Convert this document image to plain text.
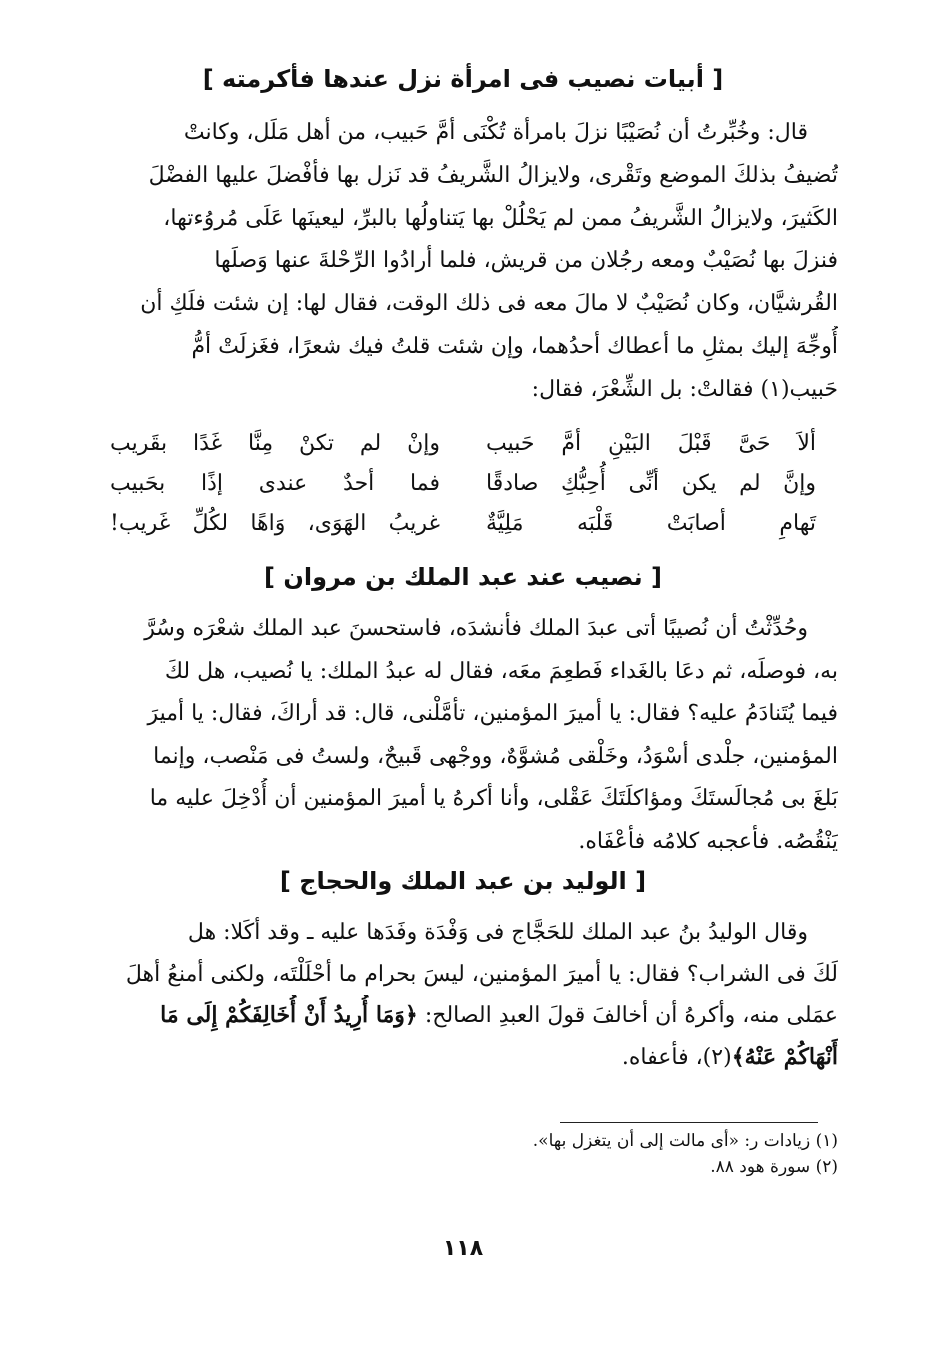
[ أبيات نصيب فى امرأة نزل عندها فأكرمته ]

قال: وخُبِّرتُ أن نُصَيْبًا نزلَ بامرأة تُكْنَى أمَّ حَبيب، من أهل مَلَل، وكانتْ

تُضيفُ بذلكَ الموضع وتَقْرى، ولايزالُ الشَّريفُ قد نَزل بها فأفْضلَ عليها الفضْلَ

الكَثيرَ، ولايزالُ الشَّريفُ ممن لم يَحْلُلْ بها يَتناولُها بالبرِّ، ليعينَها عَلَى مُروُءتها،

فنزلَ بها نُصَيْبٌ ومعه رجُلان من قريش، فلما أرادُوا الرِّحْلةَ عنها وَصلَها

القُرشيَّان، وكان نُصَيْبٌ لا مالَ معه فى ذلك الوقت، فقال لها: إن شئت فلَكِ أن

أُوجِّهَ إليك بمثلِ ما أعطاك أحدُهما، وإن شئت قلتُ فيك شعرًا، فغَزلَتْ أمُّ

حَبيب(١) فقالتْ: بل الشِّعْرَ، فقال:

ألاَ حَىَّ قَبْلَ البَيْنِ أمَّ حَبيب
وإنْ لم تكنْ مِنَّا غَدًا بقَريب
وإنَّ لم يكن أنِّى أُحِبُّكِ صادقًا
فما أحدٌ عندى إذًا بحَبيب
تَهامِ أصابَتْ قَلْبَه مَلِيَّةٌ
غريبُ الهَوَى، وَاهًا لكُلِّ غَريب!
[ نصيب عند عبد الملك بن مروان ]

وحُدِّثْتُ أن نُصيبًا أتى عبدَ الملك فأنشدَه، فاستحسنَ عبد الملك شعْرَه وسُرَّ

به، فوصلَه، ثم دعَا بالغَداء فَطعِمَ معَه، فقال له عبدُ الملك: يا نُصيب، هل لكَ

فيما يُتَنادَمُ عليه؟ فقال: يا أميرَ المؤمنين، تأمَّلْنى، قال: قد أراكَ، فقال: يا أميرَ

المؤمنين، جلْدى أسْوَدُ، وخَلْقى مُشوَّهٌ، ووجْهى قَبيحٌ، ولستُ فى مَنْصب، وإنما

بَلغَ بى مُجالَستَكَ ومؤاكلَتَكَ عَقْلى، وأنا أكرهُ يا أميرَ المؤمنين أن أُدْخِلَ عليه ما

يَنْقُصُه. فأعجبه كلامُه فأعْفَاه.

[ الوليد بن عبد الملك والحجاج ]

وقال الوليدُ بنُ عبد الملك للحَجَّاج فى وَفْدَة وفَدَها عليه ـ وقد أكَلا: هل

لَكَ فى الشراب؟ فقال: يا أميرَ المؤمنين، ليسَ بحرام ما أحْلَلْتَه، ولكنى أمنعُ أهلَ

عمَلى منه، وأكرهُ أن أخالفَ قولَ العبدِ الصالح: ﴿وَمَا أُرِيدُ أَنْ أُخَالِفَكُمْ إِلَى مَا

أَنْهَاكُمْ عَنْهُ﴾(٢)، فأعفاه.

(١) زيادات ر: «أى مالت إلى أن يتغزل بها».
(٢) سورة هود ٨٨.
١١٨
